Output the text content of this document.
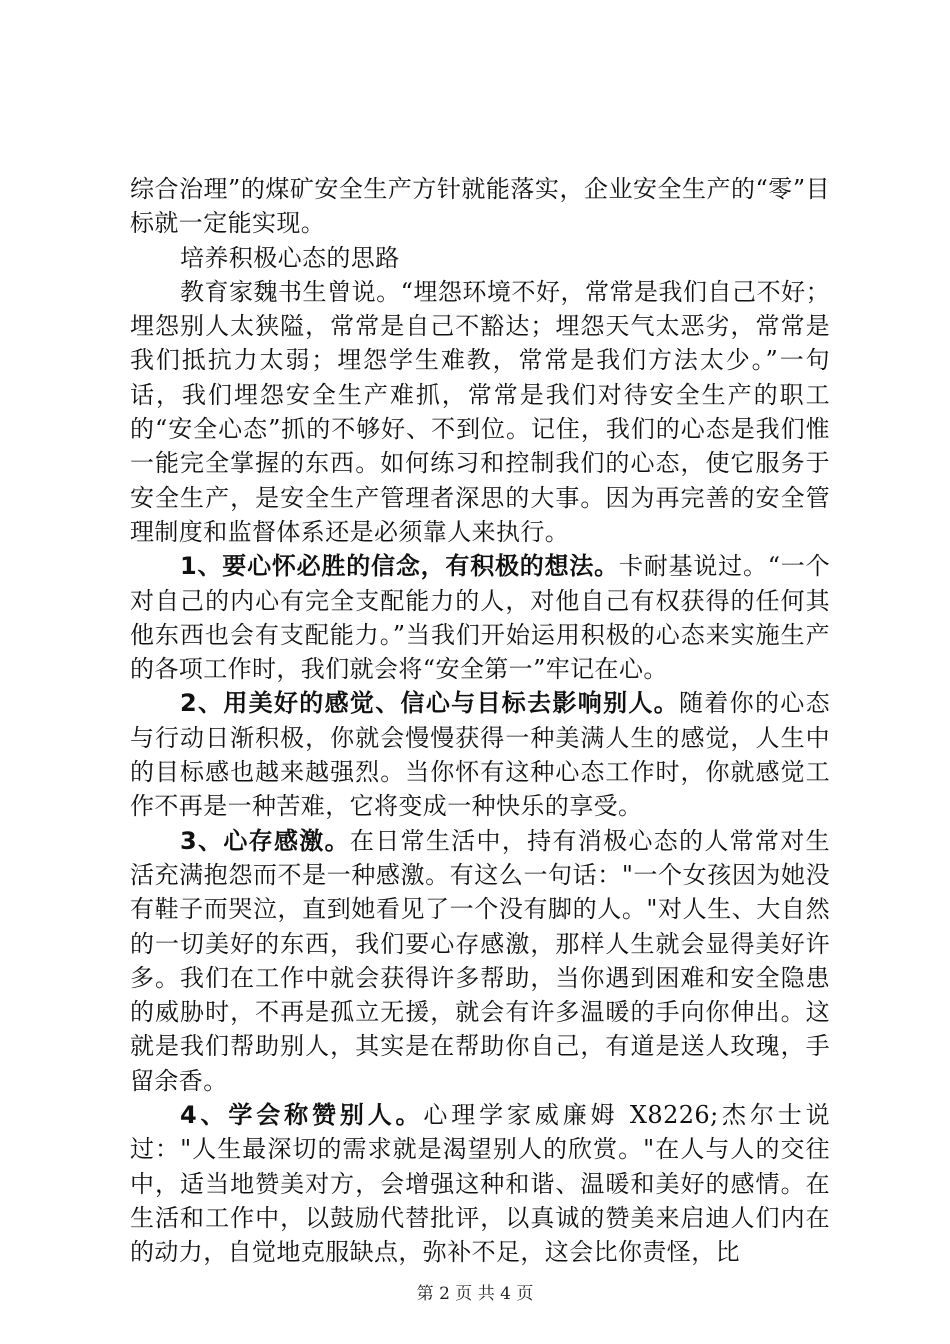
综合治理”的煤矿安全生产方针就能落实，企业安全生产的“零”目标就一定能实现。

培养积极心态的思路

教育家魏书生曾说。“埋怨环境不好，常常是我们自己不好；埋怨别人太狭隘，常常是自己不豁达；埋怨天气太恶劣，常常是我们抵抗力太弱；埋怨学生难教，常常是我们方法太少。”一句话，我们埋怨安全生产难抓，常常是我们对待安全生产的职工的“安全心态”抓的不够好、不到位。记住，我们的心态是我们惟一能完全掌握的东西。如何练习和控制我们的心态，使它服务于安全生产，是安全生产管理者深思的大事。因为再完善的安全管理制度和监督体系还是必须靠人来执行。

1、要心怀必胜的信念，有积极的想法。卡耐基说过。“一个对自己的内心有完全支配能力的人，对他自己有权获得的任何其他东西也会有支配能力。”当我们开始运用积极的心态来实施生产的各项工作时，我们就会将“安全第一”牢记在心。

2、用美好的感觉、信心与目标去影响别人。随着你的心态与行动日渐积极，你就会慢慢获得一种美满人生的感觉，人生中的目标感也越来越强烈。当你怀有这种心态工作时，你就感觉工作不再是一种苦难，它将变成一种快乐的享受。

3、心存感激。在日常生活中，持有消极心态的人常常对生活充满抱怨而不是一种感激。有这么一句话："一个女孩因为她没有鞋子而哭泣，直到她看见了一个没有脚的人。"对人生、大自然的一切美好的东西，我们要心存感激，那样人生就会显得美好许多。我们在工作中就会获得许多帮助，当你遇到困难和安全隐患的威胁时，不再是孤立无援，就会有许多温暖的手向你伸出。这就是我们帮助别人，其实是在帮助你自己，有道是送人玫瑰，手留余香。

4、学会称赞别人。心理学家威廉姆 X8226;杰尔士说过："人生最深切的需求就是渴望别人的欣赏。"在人与人的交往中，适当地赞美对方，会增强这种和谐、温暖和美好的感情。在生活和工作中，以鼓励代替批评，以真诚的赞美来启迪人们内在的动力，自觉地克服缺点，弥补不足，这会比你责怪，比

第 2 页 共 4 页
